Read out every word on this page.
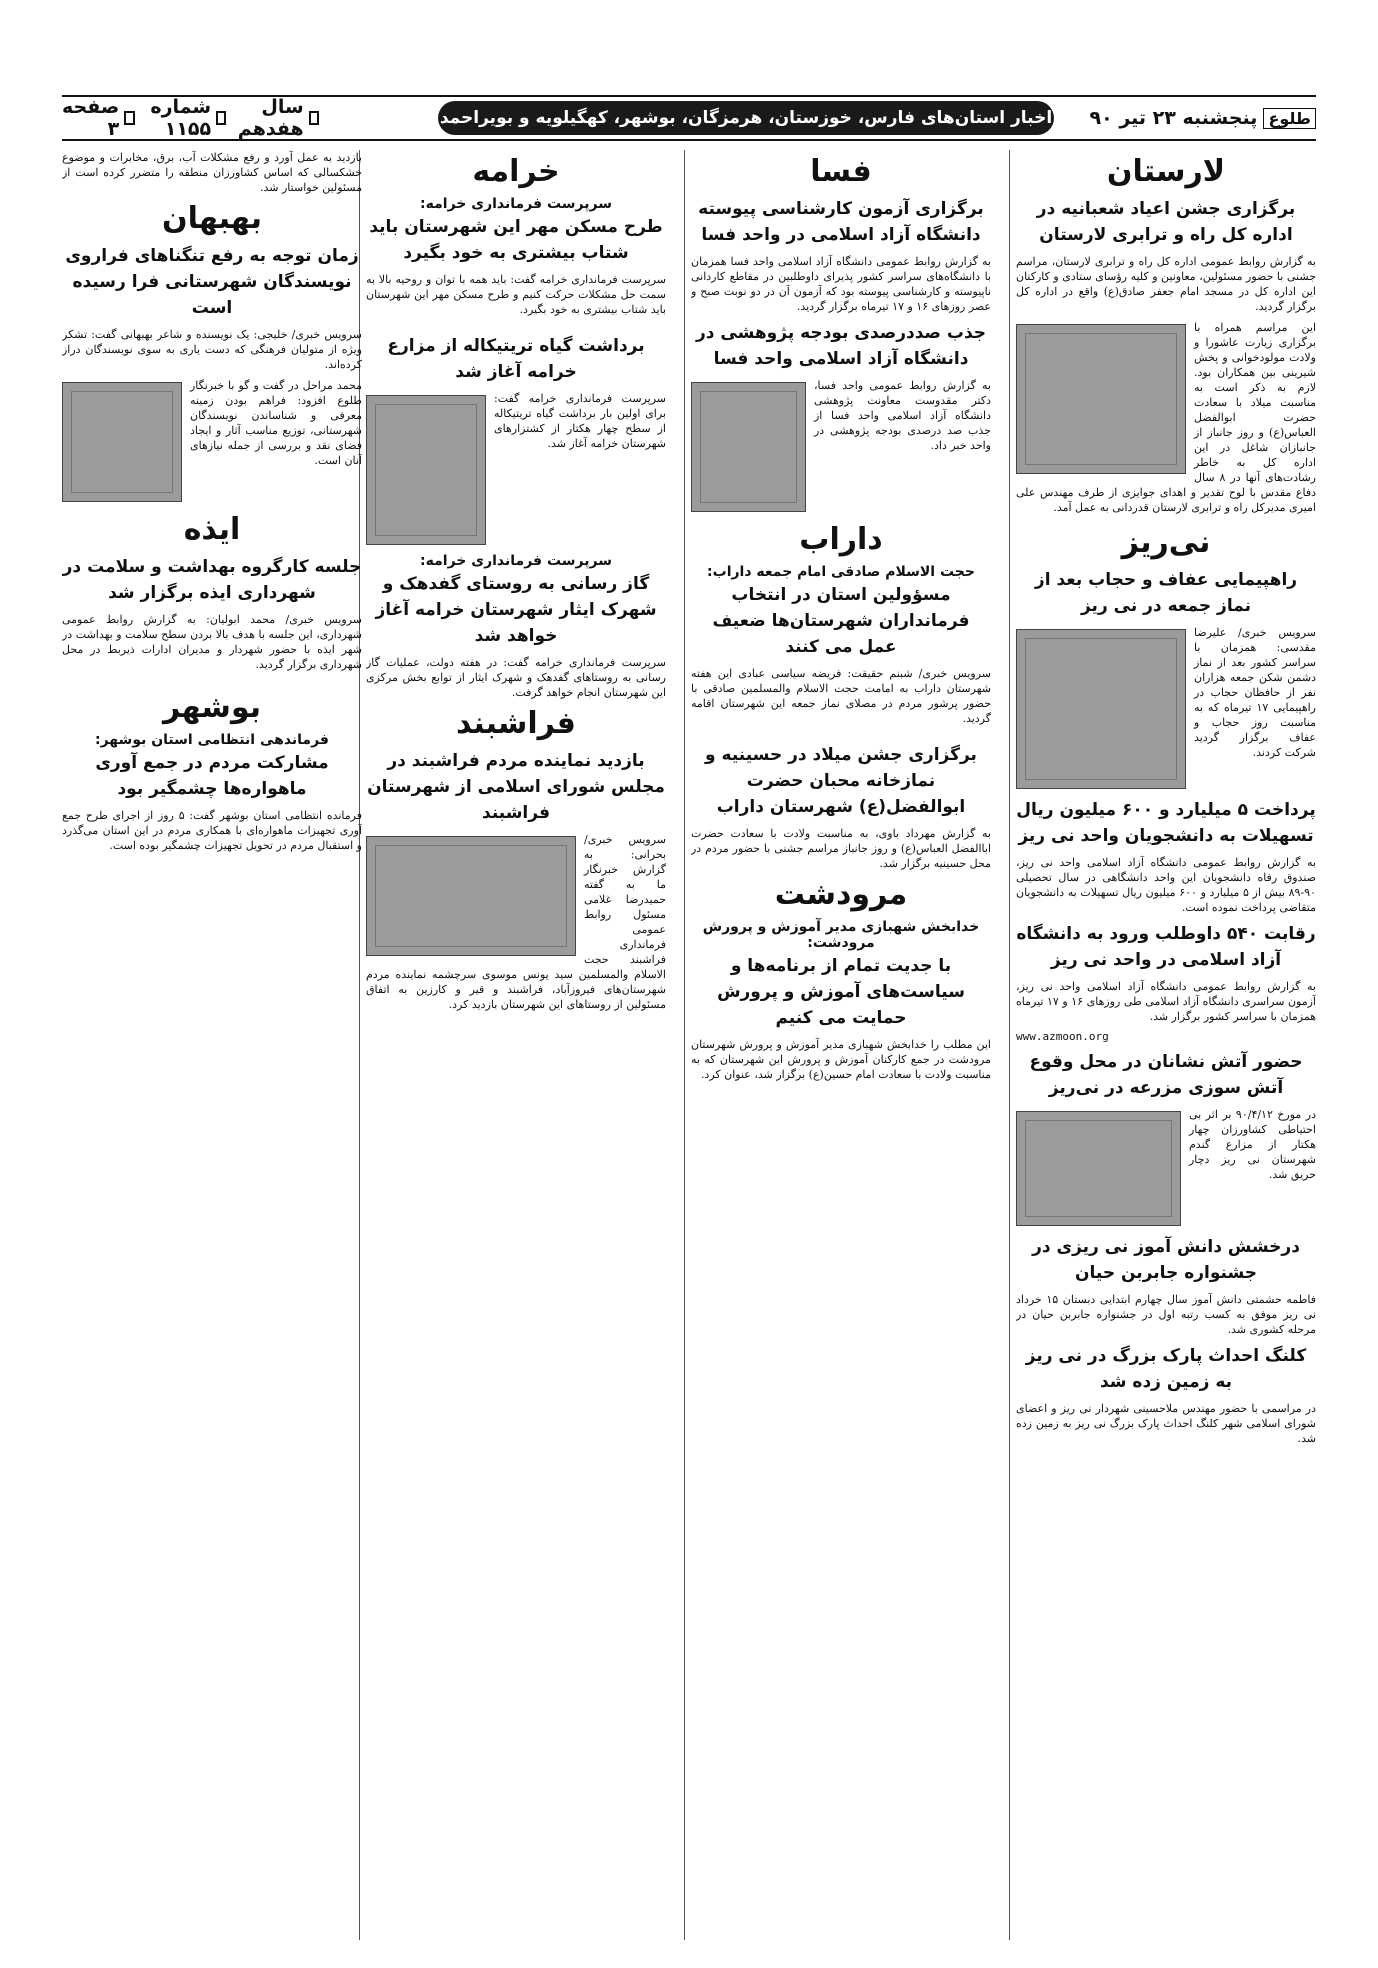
طلوع
پنجشنبه ۲۳ تیر ۹۰
اخبار استان‌های فارس، خوزستان، هرمزگان، بوشهر، کهگیلویه و بویراحمد
سال هفدهم
شماره ۱۱۵۵
صفحه ۳
لارستان
برگزاری جشن اعیاد شعبانیه در اداره کل راه و ترابری لارستان

به گزارش روابط عمومی اداره کل راه و ترابری لارستان، مراسم جشنی با حضور مسئولین، معاونین و کلیه رؤسای ستادی و کارکنان این اداره کل در مسجد امام جعفر صادق(ع) واقع در اداره کل برگزار گردید.

این مراسم همراه با برگزاری زیارت عاشورا و ولادت مولودخوانی و پخش شیرینی بین همکاران بود. لازم به ذکر است به مناسبت میلاد با سعادت حضرت ابوالفضل العباس(ع) و روز جانباز از جانبازان شاغل در این اداره کل به خاطر رشادت‌های آنها در ۸ سال دفاع مقدس با لوح تقدیر و اهدای جوایزی از طرف مهندس علی امیری مدیرکل راه و ترابری لارستان قدردانی به عمل آمد.

نی‌ریز
راهپیمایی عفاف و حجاب بعد از نماز جمعه در نی ریز

سرویس خبری/ علیرضا مقدسی: همزمان با سراسر کشور بعد از نماز دشمن شکن جمعه هزاران نفر از حافظان حجاب در راهپیمایی ۱۷ تیرماه که به مناسبت روز حجاب و عفاف برگزار گردید شرکت کردند.

پرداخت ۵ میلیارد و ۶۰۰ میلیون ریال تسهیلات به دانشجویان واحد نی ریز

به گزارش روابط عمومی دانشگاه آزاد اسلامی واحد نی ریز، صندوق رفاه دانشجویان این واحد دانشگاهی در سال تحصیلی ۹۰-۸۹ بیش از ۵ میلیارد و ۶۰۰ میلیون ریال تسهیلات به دانشجویان متقاضی پرداخت نموده است.

رقابت ۵۴۰ داوطلب ورود به دانشگاه آزاد اسلامی در واحد نی ریز

به گزارش روابط عمومی دانشگاه آزاد اسلامی واحد نی ریز، آزمون سراسری دانشگاه آزاد اسلامی طی روزهای ۱۶ و ۱۷ تیرماه همزمان با سراسر کشور برگزار شد.

www.azmoon.org
حضور آتش نشانان در محل وقوع آتش سوزی مزرعه در نی‌ریز

در مورخ ۹۰/۴/۱۲ بر اثر بی احتیاطی کشاورزان چهار هکتار از مزارع گندم شهرستان نی ریز دچار حریق شد.

درخشش دانش آموز نی ریزی در جشنواره جابربن حیان

فاطمه حشمتی دانش آموز سال چهارم ابتدایی دبستان ۱۵ خرداد نی ریز موفق به کسب رتبه اول در جشنواره جابربن حیان در مرحله کشوری شد.

کلنگ احداث پارک بزرگ در نی ریز به زمین زده شد

در مراسمی با حضور مهندس ملاحسینی شهردار نی ریز و اعضای شورای اسلامی شهر کلنگ احداث پارک بزرگ نی ریز به زمین زده شد.

فسا
برگزاری آزمون کارشناسی پیوسته دانشگاه آزاد اسلامی در واحد فسا

به گزارش روابط عمومی دانشگاه آزاد اسلامی واحد فسا همزمان با دانشگاه‌های سراسر کشور پذیرای داوطلبین در مقاطع کاردانی ناپیوسته و کارشناسی پیوسته بود که آزمون آن در دو نوبت صبح و عصر روزهای ۱۶ و ۱۷ تیرماه برگزار گردید.

جذب صددرصدی بودجه پژوهشی در دانشگاه آزاد اسلامی واحد فسا

به گزارش روابط عمومی واحد فسا، دکتر مقدوست معاونت پژوهشی دانشگاه آزاد اسلامی واحد فسا از جذب صد درصدی بودجه پژوهشی در واحد خبر داد.

داراب
حجت الاسلام صادقی امام جمعه داراب:
مسؤولین استان در انتخاب فرمانداران شهرستان‌ها ضعیف عمل می کنند

سرویس خبری/ شبنم حقیقت: فریضه سیاسی عبادی این هفته شهرستان داراب به امامت حجت الاسلام والمسلمین صادقی با حضور پرشور مردم در مصلای نماز جمعه این شهرستان اقامه گردید.

برگزاری جشن میلاد در حسینیه و نمازخانه محبان حضرت ابوالفضل(ع) شهرستان داراب

به گزارش مهرداد باوی، به مناسبت ولادت با سعادت حضرت اباالفضل العباس(ع) و روز جانباز مراسم جشنی با حضور مردم در محل حسینیه برگزار شد.

مرودشت
خدابخش شهبازی مدیر آموزش و پرورش مرودشت:
با جدیت تمام از برنامه‌ها و سیاست‌های آموزش و پرورش حمایت می کنیم

این مطلب را خدابخش شهبازی مدیر آموزش و پرورش شهرستان مرودشت در جمع کارکنان آموزش و پرورش این شهرستان که به مناسبت ولادت با سعادت امام حسین(ع) برگزار شد، عنوان کرد.

خرامه
سرپرست فرمانداری خرامه:
طرح مسکن مهر این شهرستان باید شتاب بیشتری به خود بگیرد

سرپرست فرمانداری خرامه گفت: باید همه با توان و روحیه بالا به سمت حل مشکلات حرکت کنیم و طرح مسکن مهر این شهرستان باید شتاب بیشتری به خود بگیرد.

برداشت گیاه تریتیکاله از مزارع خرامه آغاز شد

سرپرست فرمانداری خرامه گفت: برای اولین بار برداشت گیاه تریتیکاله از سطح چهار هکتار از کشتزارهای شهرستان خرامه آغاز شد.

سرپرست فرمانداری خرامه:
گاز رسانی به روستای گفدهک و شهرک ایثار شهرستان خرامه آغاز خواهد شد

سرپرست فرمانداری خرامه گفت: در هفته دولت، عملیات گاز رسانی به روستاهای گفدهک و شهرک ایثار از توابع بخش مرکزی این شهرستان انجام خواهد گرفت.

فراشبند
بازدید نماینده مردم فراشبند در مجلس شورای اسلامی از شهرستان فراشبند

سرویس خبری/ بحرانی: به گزارش خبرنگار ما به گفته حمیدرضا غلامی مسئول روابط عمومی فرمانداری فراشبند حجت الاسلام والمسلمین سید یونس موسوی سرچشمه نماینده مردم شهرستان‌های فیروزآباد، فراشبند و قیر و کارزین به اتفاق مسئولین از روستاهای این شهرستان بازدید کرد.

بازدید به عمل آورد و رفع مشکلات آب، برق، مخابرات و موضوع خشکسالی که اساس کشاورزان منطقه را متضرر کرده است از مسئولین خواستار شد.

بهبهان
زمان توجه به رفع تنگناهای فراروی نویسندگان شهرستانی فرا رسیده است

سرویس خبری/ خلیجی: یک نویسنده و شاعر بهبهانی گفت: تشکر ویژه از متولیان فرهنگی که دست یاری به سوی نویسندگان دراز کرده‌اند.

محمد مراحل در گفت و گو با خبرنگار طلوع افزود: فراهم بودن زمینه معرفی و شناساندن نویسندگان شهرستانی، توزیع مناسب آثار و ایجاد فضای نقد و بررسی از جمله نیازهای آنان است.

ایذه
جلسه کارگروه بهداشت و سلامت در شهرداری ایذه برگزار شد

سرویس خبری/ محمد ابولیان: به گزارش روابط عمومی شهرداری، این جلسه با هدف بالا بردن سطح سلامت و بهداشت در شهر ایذه با حضور شهردار و مدیران ادارات ذیربط در محل شهرداری برگزار گردید.

بوشهر
فرماندهی انتظامی استان بوشهر:
مشارکت مردم در جمع آوری ماهواره‌ها چشمگیر بود

فرمانده انتظامی استان بوشهر گفت: ۵ روز از اجرای طرح جمع آوری تجهیزات ماهواره‌ای با همکاری مردم در این استان می‌گذرد و استقبال مردم در تحویل تجهیزات چشمگیر بوده است.
